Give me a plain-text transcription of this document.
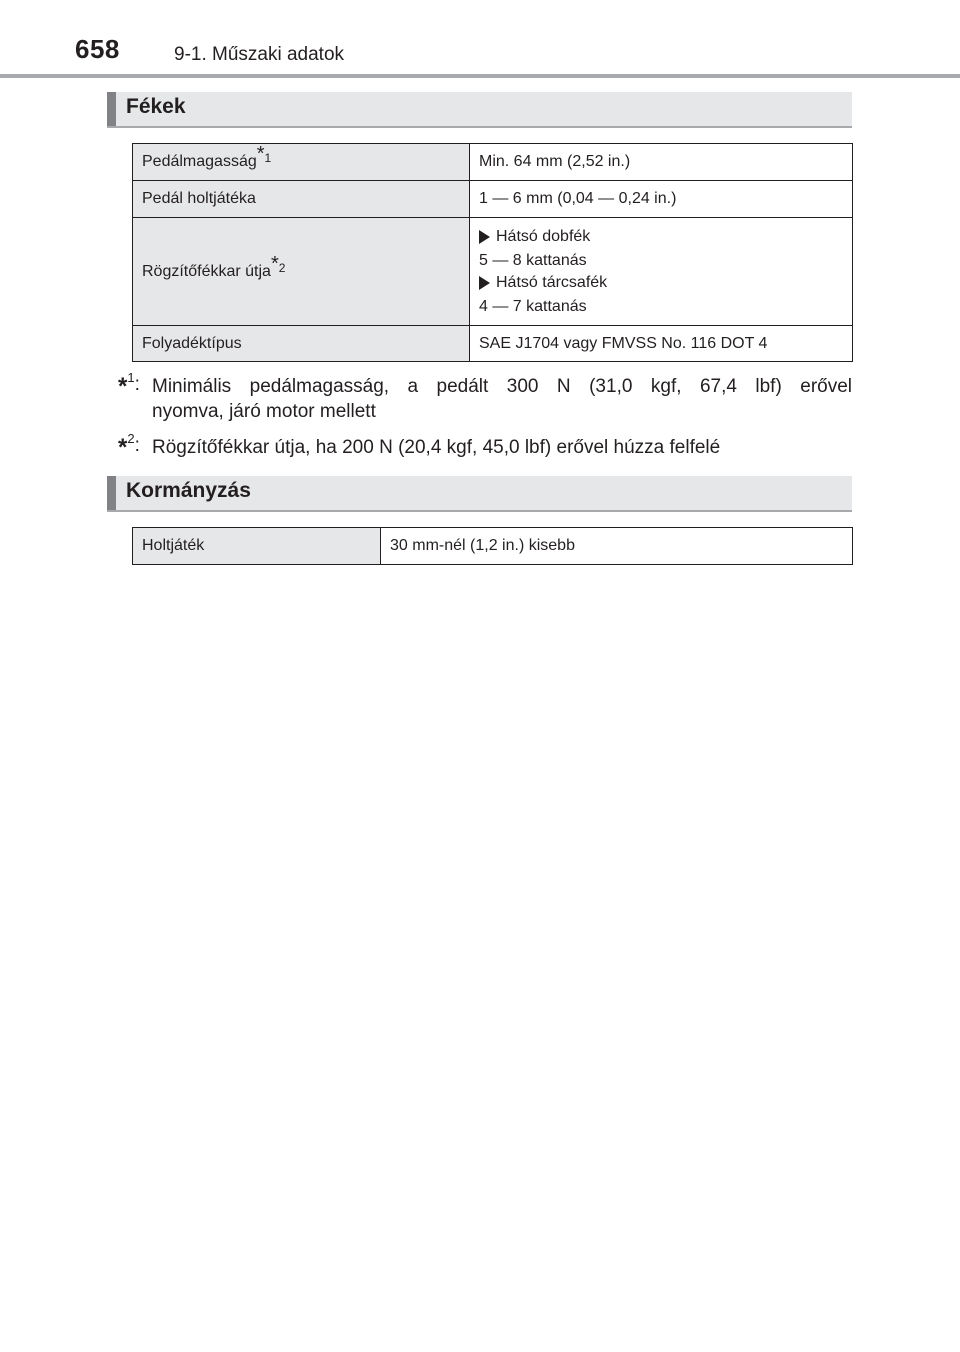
658	9-1. Műszaki adatok
Fékek
Pedálmagasság*$^1$	Min. 64 mm (2,52 in.)
Pedál holtjátéka	1 — 6 mm (0,04 — 0,24 in.)
Rögzítőfékkar útja*$^2$	Hátsó dobfék
5 — 8 kattanás
Hátsó tárcsafék
4 — 7 kattanás

Folyadéktípus	SAE J1704 vagy FMVSS No. 116 DOT 4
*$^1$: Minimális pedálmagasság, a pedált 300 N (31,0 kgf, 67,4 lbf) erővel
nyomva, járó motor mellett
*$^2$: Rögzítőfékkar útja, ha 200 N (20,4 kgf, 45,0 lbf) erővel húzza felfelé
Kormányzás
Holtjáték	30 mm-nél (1,2 in.) kisebb
